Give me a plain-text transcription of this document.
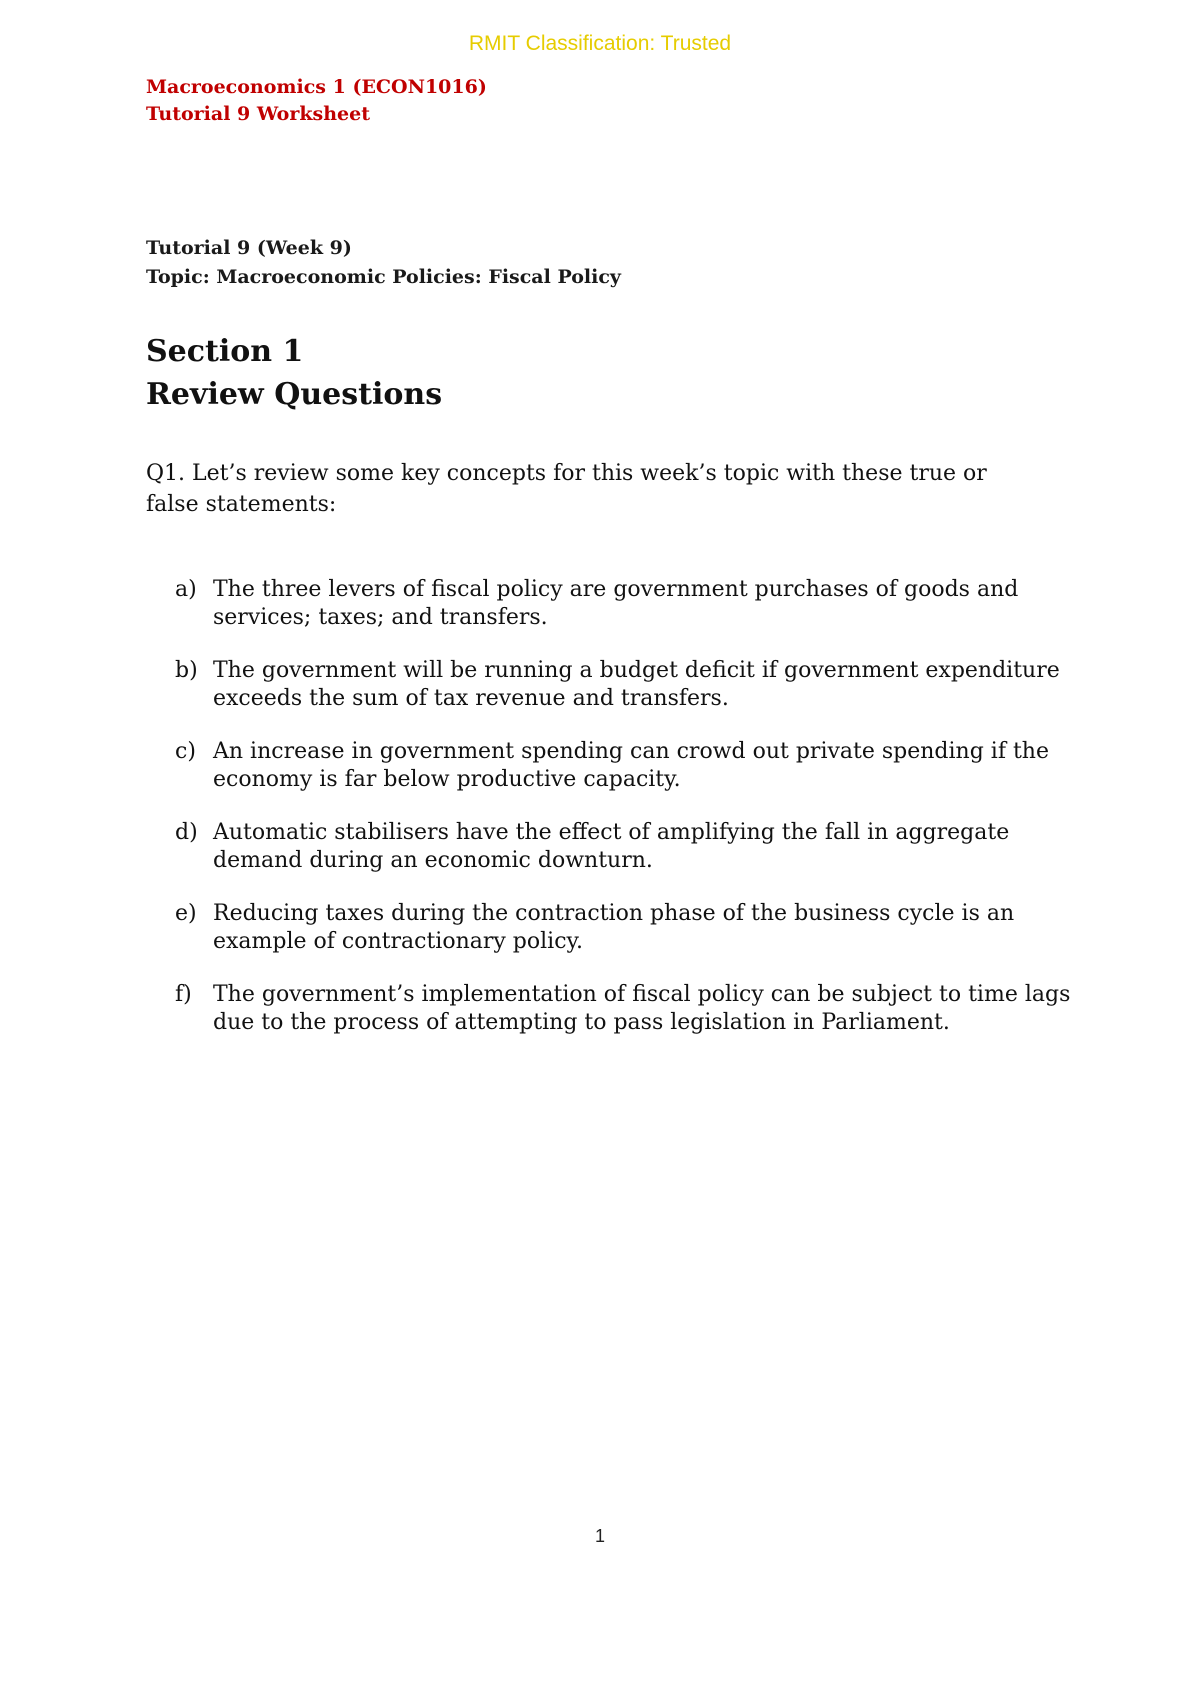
RMIT Classification: Trusted
Macroeconomics 1 (ECON1016)
Tutorial 9 Worksheet
Tutorial 9 (Week 9)
Topic: Macroeconomic Policies: Fiscal Policy
Section 1
Review Questions
Q1. Let’s review some key concepts for this week’s topic with these true or false statements:
a) The three levers of fiscal policy are government purchases of goods and services; taxes; and transfers.
b) The government will be running a budget deficit if government expenditure exceeds the sum of tax revenue and transfers.
c) An increase in government spending can crowd out private spending if the economy is far below productive capacity.
d) Automatic stabilisers have the effect of amplifying the fall in aggregate demand during an economic downturn.
e) Reducing taxes during the contraction phase of the business cycle is an example of contractionary policy.
f) The government’s implementation of fiscal policy can be subject to time lags due to the process of attempting to pass legislation in Parliament.
1
